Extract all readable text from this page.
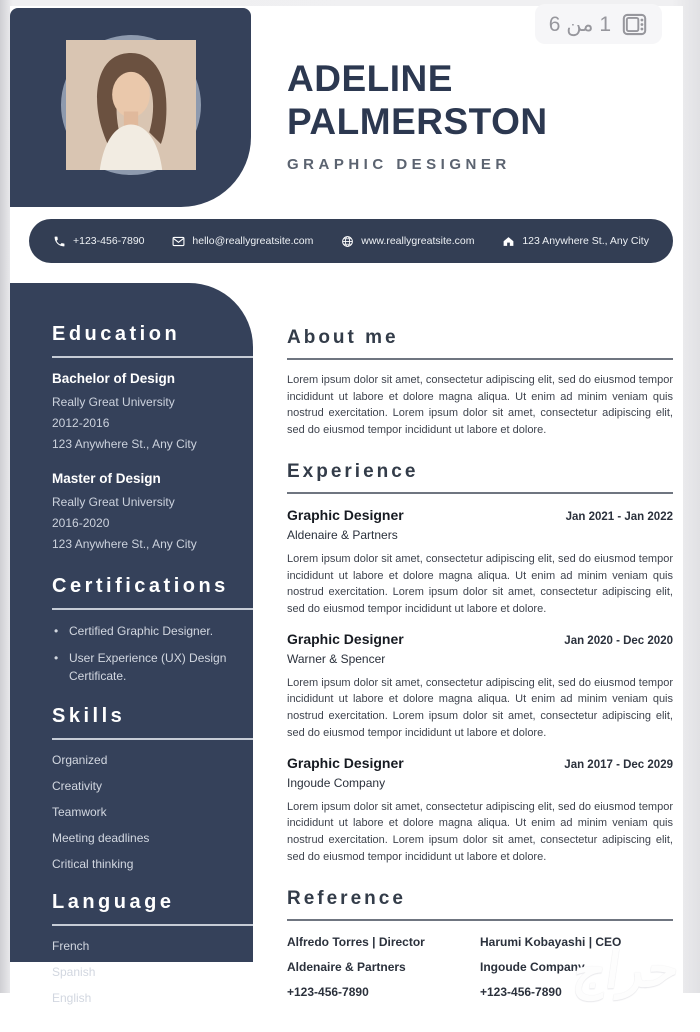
ADELINE
PALMERSTON
GRAPHIC DESIGNER
+123-456-7890	hello@reallygreatsite.com	www.reallygreatsite.com	123 Anywhere St., Any City
Education
Bachelor of Design
Really Great University
2012-2016
123 Anywhere St., Any City
Master of Design
Really Great University
2016-2020
123 Anywhere St., Any City
Certifications
• Certified Graphic Designer.
• User Experience (UX) Design Certificate.
Skills
Organized
Creativity
Teamwork
Meeting deadlines
Critical thinking
Language
French
Spanish
English
About me

Lorem ipsum dolor sit amet, consectetur adipiscing elit, sed do eiusmod tempor incididunt ut labore et dolore magna aliqua. Ut enim ad minim veniam quis nostrud exercitation. Lorem ipsum dolor sit amet, consectetur adipiscing elit, sed do eiusmod tempor incididunt ut labore et dolore.

Experience
Graphic Designer	Jan 2021 - Jan 2022
Aldenaire & Partners

Lorem ipsum dolor sit amet, consectetur adipiscing elit, sed do eiusmod tempor incididunt ut labore et dolore magna aliqua. Ut enim ad minim veniam quis nostrud exercitation. Lorem ipsum dolor sit amet, consectetur adipiscing elit, sed do eiusmod tempor incididunt ut labore et dolore.

Graphic Designer	Jan 2020 - Dec 2020
Warner & Spencer

Lorem ipsum dolor sit amet, consectetur adipiscing elit, sed do eiusmod tempor incididunt ut labore et dolore magna aliqua. Ut enim ad minim veniam quis nostrud exercitation. Lorem ipsum dolor sit amet, consectetur adipiscing elit, sed do eiusmod tempor incididunt ut labore et dolore.

Graphic Designer	Jan 2017 - Dec 2029
Ingoude Company

Lorem ipsum dolor sit amet, consectetur adipiscing elit, sed do eiusmod tempor incididunt ut labore et dolore magna aliqua. Ut enim ad minim veniam quis nostrud exercitation. Lorem ipsum dolor sit amet, consectetur adipiscing elit, sed do eiusmod tempor incididunt ut labore et dolore.

Reference
Alfredo Torres | Director
Aldenaire & Partners
+123-456-7890
Harumi Kobayashi | CEO
Ingoude Company
+123-456-7890 حراج
1 من 6
